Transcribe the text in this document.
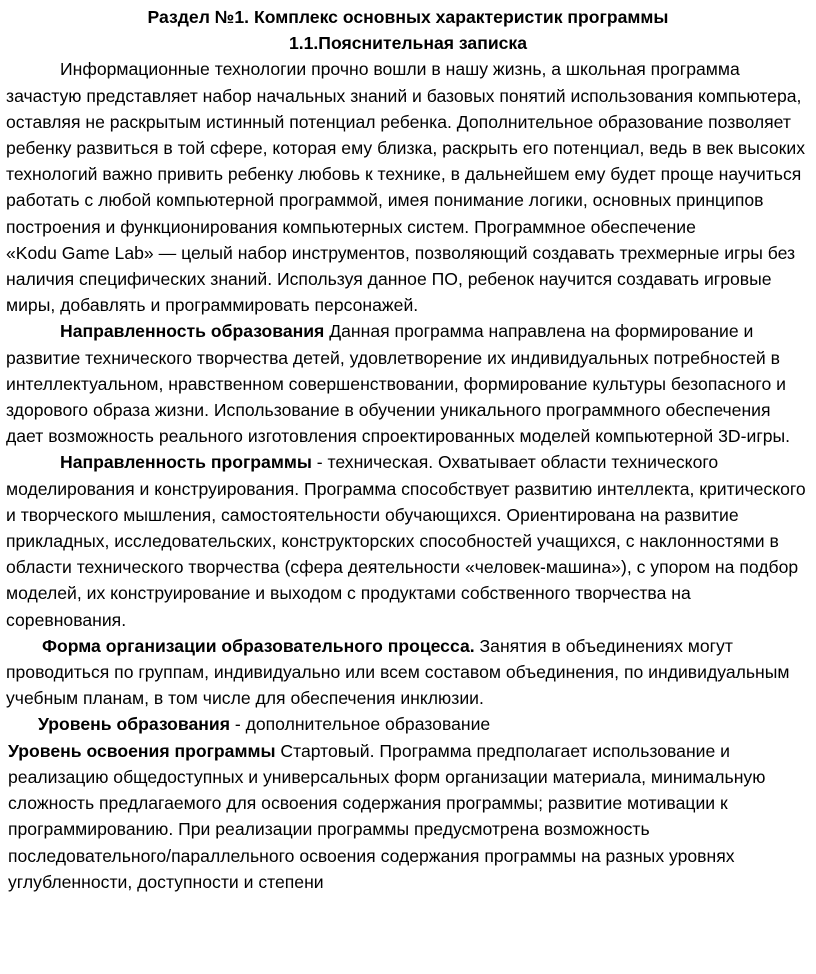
Раздел №1. Комплекс основных характеристик программы

1.1.Пояснительная записка

Информационные технологии прочно вошли в нашу жизнь, а школьная программа зачастую представляет набор начальных знаний и базовых понятий использования компьютера, оставляя не раскрытым истинный потенциал ребенка. Дополнительное образование позволяет ребенку развиться в той сфере, которая ему близка, раскрыть его потенциал, ведь в век высоких технологий важно привить ребенку любовь к технике, в дальнейшем ему будет проще научиться работать с любой компьютерной программой, имея понимание логики, основных принципов построения и функционирования компьютерных систем. Программное обеспечение

«Kodu Game Lab» — целый набор инструментов, позволяющий создавать трехмерные игры без наличия специфических знаний. Используя данное ПО, ребенок научится создавать игровые миры, добавлять и программировать персонажей.

Направленность образования Данная программа направлена на формирование и развитие технического творчества детей, удовлетворение их индивидуальных потребностей в интеллектуальном, нравственном совершенствовании, формирование культуры безопасного и здорового образа жизни. Использование в обучении уникального программного обеспечения дает возможность реального изготовления спроектированных моделей компьютерной 3D-игры.

Направленность программы - техническая. Охватывает области технического моделирования и конструирования. Программа способствует развитию интеллекта, критического и творческого мышления, самостоятельности обучающихся. Ориентирована на развитие прикладных, исследовательских, конструкторских способностей учащихся, с наклонностями в области технического творчества (сфера деятельности «человек-машина»), с упором на подбор моделей, их конструирование и выходом с продуктами собственного творчества на соревнования.

Форма организации образовательного процесса. Занятия в объединениях могут проводиться по группам, индивидуально или всем составом объединения, по индивидуальным учебным планам, в том числе для обеспечения инклюзии.

Уровень образования - дополнительное образование

Уровень освоения программы Стартовый. Программа предполагает использование и реализацию общедоступных и универсальных форм организации материала, минимальную сложность предлагаемого для освоения содержания программы; развитие мотивации к программированию. При реализации программы предусмотрена возможность последовательного/параллельного освоения содержания программы на разных уровнях углубленности, доступности и степени
